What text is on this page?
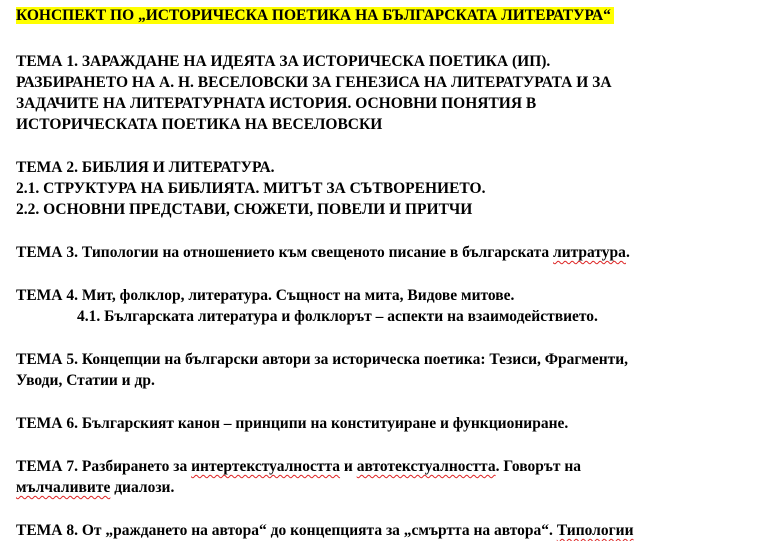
КОНСПЕКТ ПО „ИСТОРИЧЕСКА ПОЕТИКА НА БЪЛГАРСКАТА ЛИТЕРАТУРА“

ТЕМА 1. ЗАРАЖДАНЕ НА ИДЕЯТА ЗА ИСТОРИЧЕСКА ПОЕТИКА (ИП).
РАЗБИРАНЕТО НА А. Н. ВЕСЕЛОВСКИ ЗА ГЕНЕЗИСА НА ЛИТЕРАТУРАТА И ЗА
ЗАДАЧИТЕ НА ЛИТЕРАТУРНАТА ИСТОРИЯ. ОСНОВНИ ПОНЯТИЯ В
ИСТОРИЧЕСКАТА ПОЕТИКА НА ВЕСЕЛОВСКИ
ТЕМА 2. БИБЛИЯ И ЛИТЕРАТУРА.
2.1. СТРУКТУРА НА БИБЛИЯТА. МИТЪТ ЗА СЪТВОРЕНИЕТО.
2.2. ОСНОВНИ ПРЕДСТАВИ, СЮЖЕТИ, ПОВЕЛИ И ПРИТЧИ
ТЕМА 3. Типологии на отношението към свещеното писание в българската литратура.
ТЕМА 4. Мит, фолклор, литература. Същност на мита, Видове митове.
4.1. Българската литература и фолклорът – аспекти на взаимодействието.
ТЕМА 5. Концепции на български автори за историческа поетика: Тезиси, Фрагменти,
Уводи, Статии и др.
ТЕМА 6. Българският канон – принципи на конституиране и функциониране.
ТЕМА 7. Разбирането за интертекстуалността и автотекстуалността. Говорът на
мълчаливите диалози.
ТЕМА 8. От „раждането на автора“ до концепцията за „смъртта на автора“. Типологии
